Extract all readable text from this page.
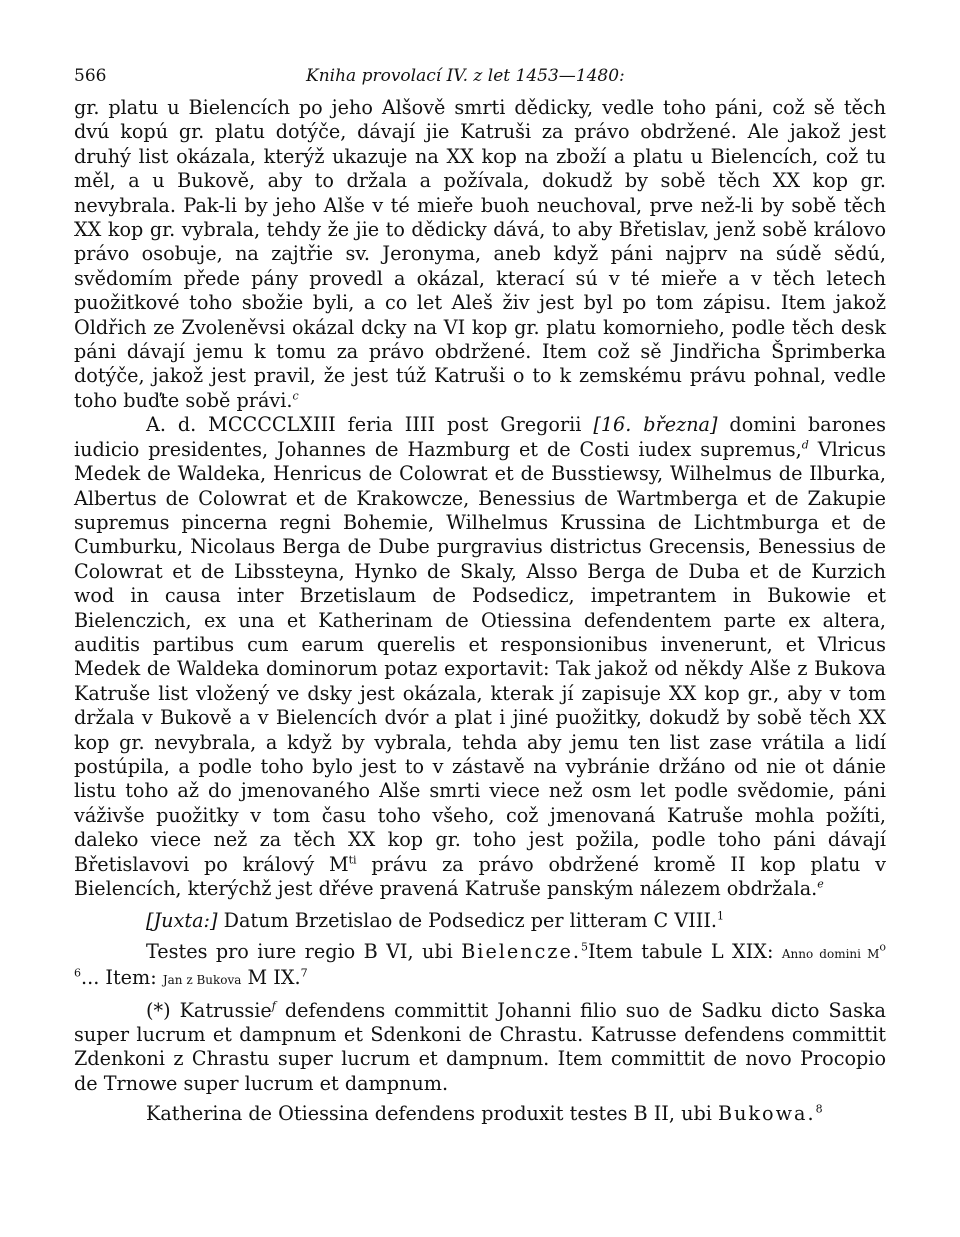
566	Kniha provolací IV. z let 1453—1480:

gr. platu u Bielencích po jeho Alšově smrti dědicky, vedle toho páni, což sě těch dvú kopú gr. platu dotýče, dávají jie Katruši za právo obdržené. Ale jakož jest druhý list okázala, kterýž ukazuje na XX kop na zboží a platu u Bielencích, což tu měl, a u Bukově, aby to držala a požívala, dokudž by sobě těch XX kop gr. nevybrala. Pak-li by jeho Alše v té mieře buoh neuchoval, prve než-li by sobě těch XX kop gr. vybrala, tehdy že jie to dědicky dává, to aby Břetislav, jenž sobě královo právo osobuje, na zajtřie sv. Jeronyma, aneb když páni najprv na súdě sědú, svědomím přede pány provedl a okázal, kterací sú v té mieře a v těch letech puožitkové toho sbožie byli, a co let Aleš živ jest byl po tom zápisu. Item jakož Oldřich ze Zvoleněvsi okázal dcky na VI kop gr. platu komornieho, podle těch desk páni dávají jemu k tomu za právo obdržené. Item což sě Jindřicha Šprimberka dotýče, jakož jest pravil, že jest túž Katruši o to k zemskému právu pohnal, vedle toho buďte sobě právi.$^c$

A. d. MCCCCLXIII feria IIII post Gregorii [16. března] domini barones iudicio presidentes, Johannes de Hazmburg et de Costi iudex supremus,$^d$ Vlricus Medek de Waldeka, Henricus de Colowrat et de Busstiewsy, Wilhelmus de Ilburka, Albertus de Colowrat et de Krakowcze, Benessius de Wartmberga et de Zakupie supremus pincerna regni Bohemie, Wilhelmus Krussina de Lichtmburga et de Cumburku, Nicolaus Berga de Dube purgravius districtus Grecensis, Benessius de Colowrat et de Libssteyna, Hynko de Skaly, Alsso Berga de Duba et de Kurzich wod in causa inter Brzetislaum de Podsedicz, impetrantem in Bukowie et Bielenczich, ex una et Katherinam de Otiessina defendentem parte ex altera, auditis partibus cum earum querelis et responsionibus invenerunt, et Vlricus Medek de Waldeka dominorum potaz exportavit: Tak jakož od někdy Alše z Bukova Katruše list vložený ve dsky jest okázala, kterak jí zapisuje XX kop gr., aby v tom držala v Bukově a v Bielencích dvór a plat i jiné puožitky, dokudž by sobě těch XX kop gr. nevybrala, a když by vybrala, tehda aby jemu ten list zase vrátila a lidí postúpila, a podle toho bylo jest to v zástavě na vybránie držáno od nie ot dánie listu toho až do jmenovaného Alše smrti viece než osm let podle svědomie, páni váživše puožitky v tom času toho všeho, což jmenovaná Katruše mohla požíti, daleko viece než za těch XX kop gr. toho jest požila, podle toho páni dávají Břetislavovi po králový $M^{ti}$ právu za právo obdržené kromě II kop platu v Bielencích, kterýchž jest dřéve pravená Katruše panským nálezem obdržala.$^e$

[Juxta:] Datum Brzetislao de Podsedicz per litteram C VIII.$^1$

Testes pro iure regio B VI, ubi Bielencze.$^5$Item tabule L XIX: Anno domini $M^o$ $^6$... Item: Jan z Bukova M IX.$^7$

(*) Katrussie$^f$ defendens committit Johanni filio suo de Sadku dicto Saska super lucrum et dampnum et Sdenkoni de Chrastu. Katrusse defendens committit Zdenkoni z Chrastu super lucrum et dampnum. Item committit de novo Procopio de Trnowe super lucrum et dampnum.

Katherina de Otiessina defendens produxit testes B II, ubi Bukowa.$^8$
